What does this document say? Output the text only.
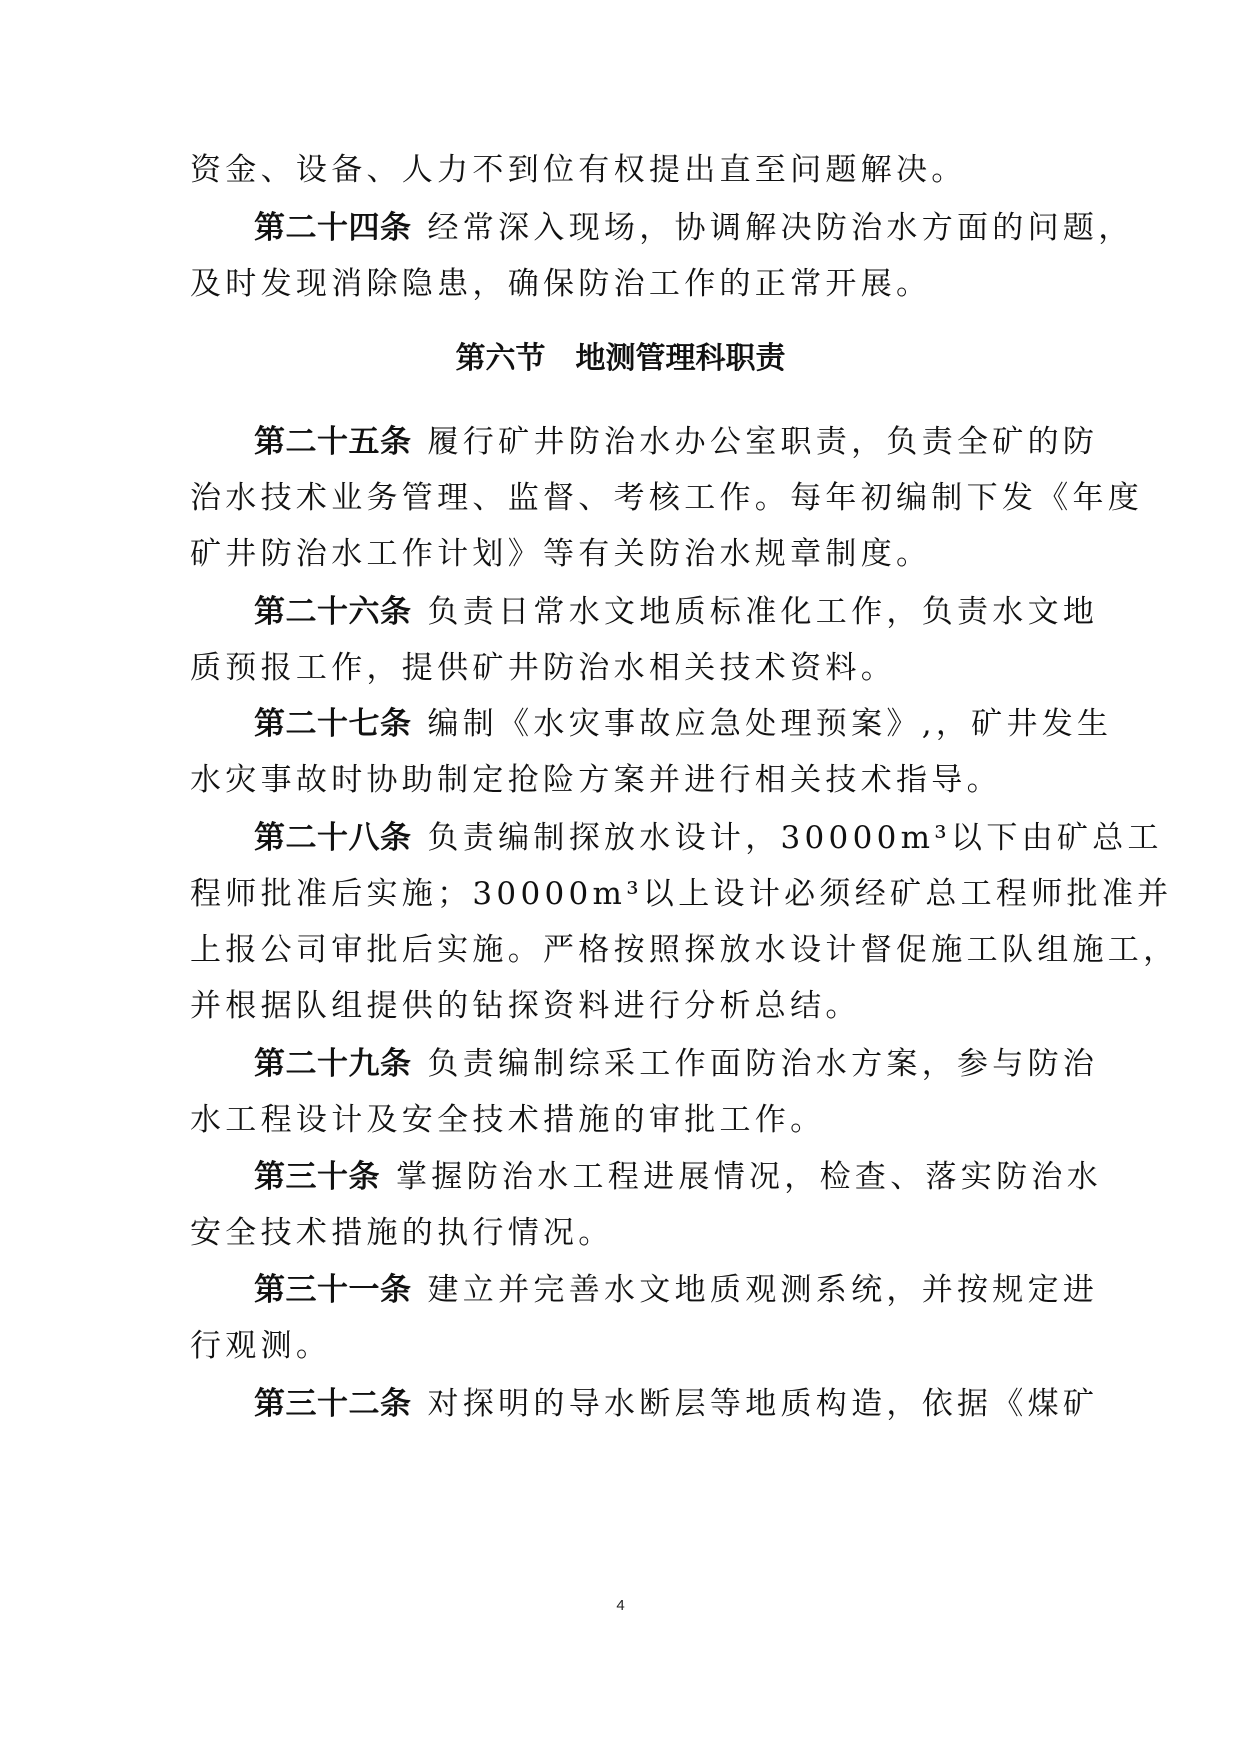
资金、设备、人力不到位有权提出直至问题解决。
第二十四条 经常深入现场，协调解决防治水方面的问题，
及时发现消除隐患，确保防治工作的正常开展。
第六节 地测管理科职责
第二十五条 履行矿井防治水办公室职责，负责全矿的防
治水技术业务管理、监督、考核工作。每年初编制下发《年度
矿井防治水工作计划》等有关防治水规章制度。
第二十六条 负责日常水文地质标准化工作，负责水文地
质预报工作，提供矿井防治水相关技术资料。
第二十七条 编制《水灾事故应急处理预案》,，矿井发生
水灾事故时协助制定抢险方案并进行相关技术指导。
第二十八条 负责编制探放水设计，30000m³以下由矿总工
程师批准后实施；30000m³以上设计必须经矿总工程师批准并
上报公司审批后实施。严格按照探放水设计督促施工队组施工，
并根据队组提供的钻探资料进行分析总结。
第二十九条 负责编制综采工作面防治水方案，参与防治
水工程设计及安全技术措施的审批工作。
第三十条 掌握防治水工程进展情况，检查、落实防治水
安全技术措施的执行情况。
第三十一条 建立并完善水文地质观测系统，并按规定进
行观测。
第三十二条 对探明的导水断层等地质构造，依据《煤矿
4
